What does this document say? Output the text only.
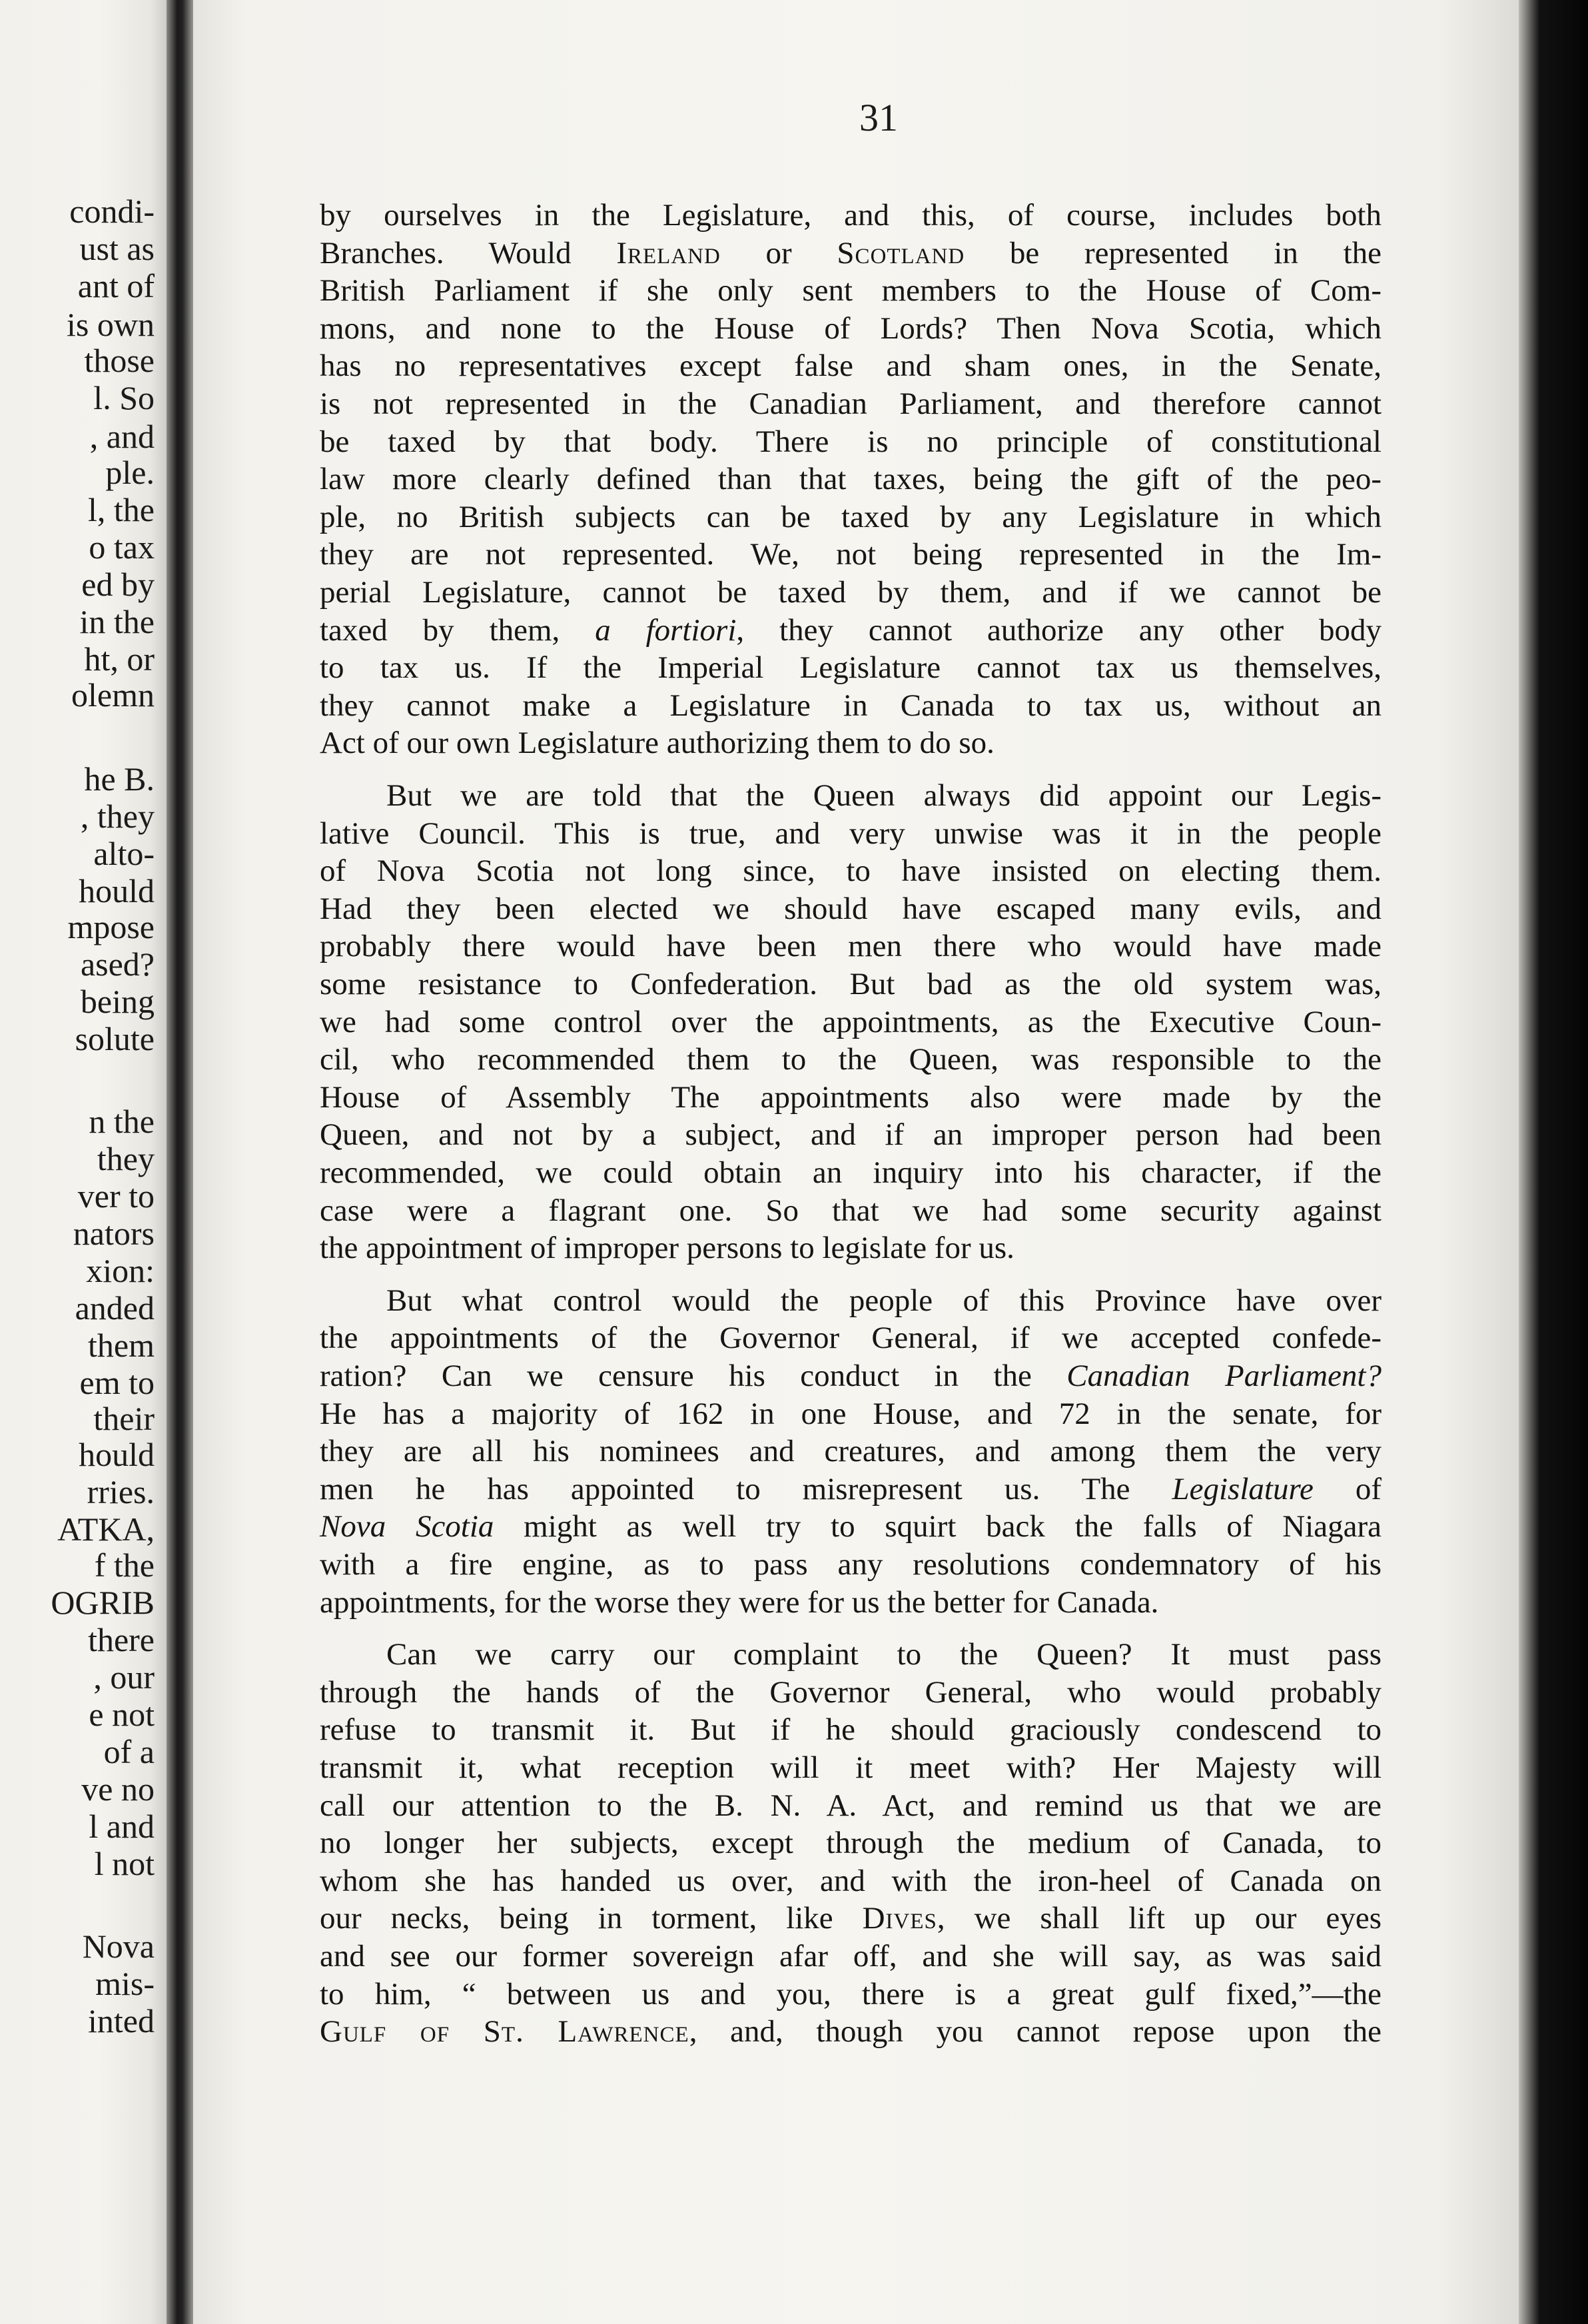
condi-
ust as
ant of
is own
those
l. So
, and
ple.
l, the
o tax
ed by
in the
ht, or
olemn
he B.
, they
alto-
hould
mpose
ased?
being
solute
n the
they
ver to
nators
xion:
anded
them
em to
their
hould
rries.
ATKA,
f the
OGRIB
there
, our
e not
of a
ve no
l and
l not
Nova
mis-
inted
31
by ourselves in the Legislature, and this, of course, includes both
Branches. Would Ireland or Scotland be represented in the
British Parliament if she only sent members to the House of Com-
mons, and none to the House of Lords? Then Nova Scotia, which
has no representatives except false and sham ones, in the Senate,
is not represented in the Canadian Parliament, and therefore cannot
be taxed by that body. There is no principle of constitutional
law more clearly defined than that taxes, being the gift of the peo-
ple, no British subjects can be taxed by any Legislature in which
they are not represented. We, not being represented in the Im-
perial Legislature, cannot be taxed by them, and if we cannot be
taxed by them, a fortiori, they cannot authorize any other body
to tax us. If the Imperial Legislature cannot tax us themselves,
they cannot make a Legislature in Canada to tax us, without an
Act of our own Legislature authorizing them to do so.
But we are told that the Queen always did appoint our Legis-
lative Council. This is true, and very unwise was it in the people
of Nova Scotia not long since, to have insisted on electing them.
Had they been elected we should have escaped many evils, and
probably there would have been men there who would have made
some resistance to Confederation. But bad as the old system was,
we had some control over the appointments, as the Executive Coun-
cil, who recommended them to the Queen, was responsible to the
House of Assembly The appointments also were made by the
Queen, and not by a subject, and if an improper person had been
recommended, we could obtain an inquiry into his character, if the
case were a flagrant one. So that we had some security against
the appointment of improper persons to legislate for us.
But what control would the people of this Province have over
the appointments of the Governor General, if we accepted confede-
ration? Can we censure his conduct in the Canadian Parliament?
He has a majority of 162 in one House, and 72 in the senate, for
they are all his nominees and creatures, and among them the very
men he has appointed to misrepresent us. The Legislature of
Nova Scotia might as well try to squirt back the falls of Niagara
with a fire engine, as to pass any resolutions condemnatory of his
appointments, for the worse they were for us the better for Canada.
Can we carry our complaint to the Queen? It must pass
through the hands of the Governor General, who would probably
refuse to transmit it. But if he should graciously condescend to
transmit it, what reception will it meet with? Her Majesty will
call our attention to the B. N. A. Act, and remind us that we are
no longer her subjects, except through the medium of Canada, to
whom she has handed us over, and with the iron-heel of Canada on
our necks, being in torment, like Dives, we shall lift up our eyes
and see our former sovereign afar off, and she will say, as was said
to him, “ between us and you, there is a great gulf fixed,”—the
Gulf of St. Lawrence, and, though you cannot repose upon the
